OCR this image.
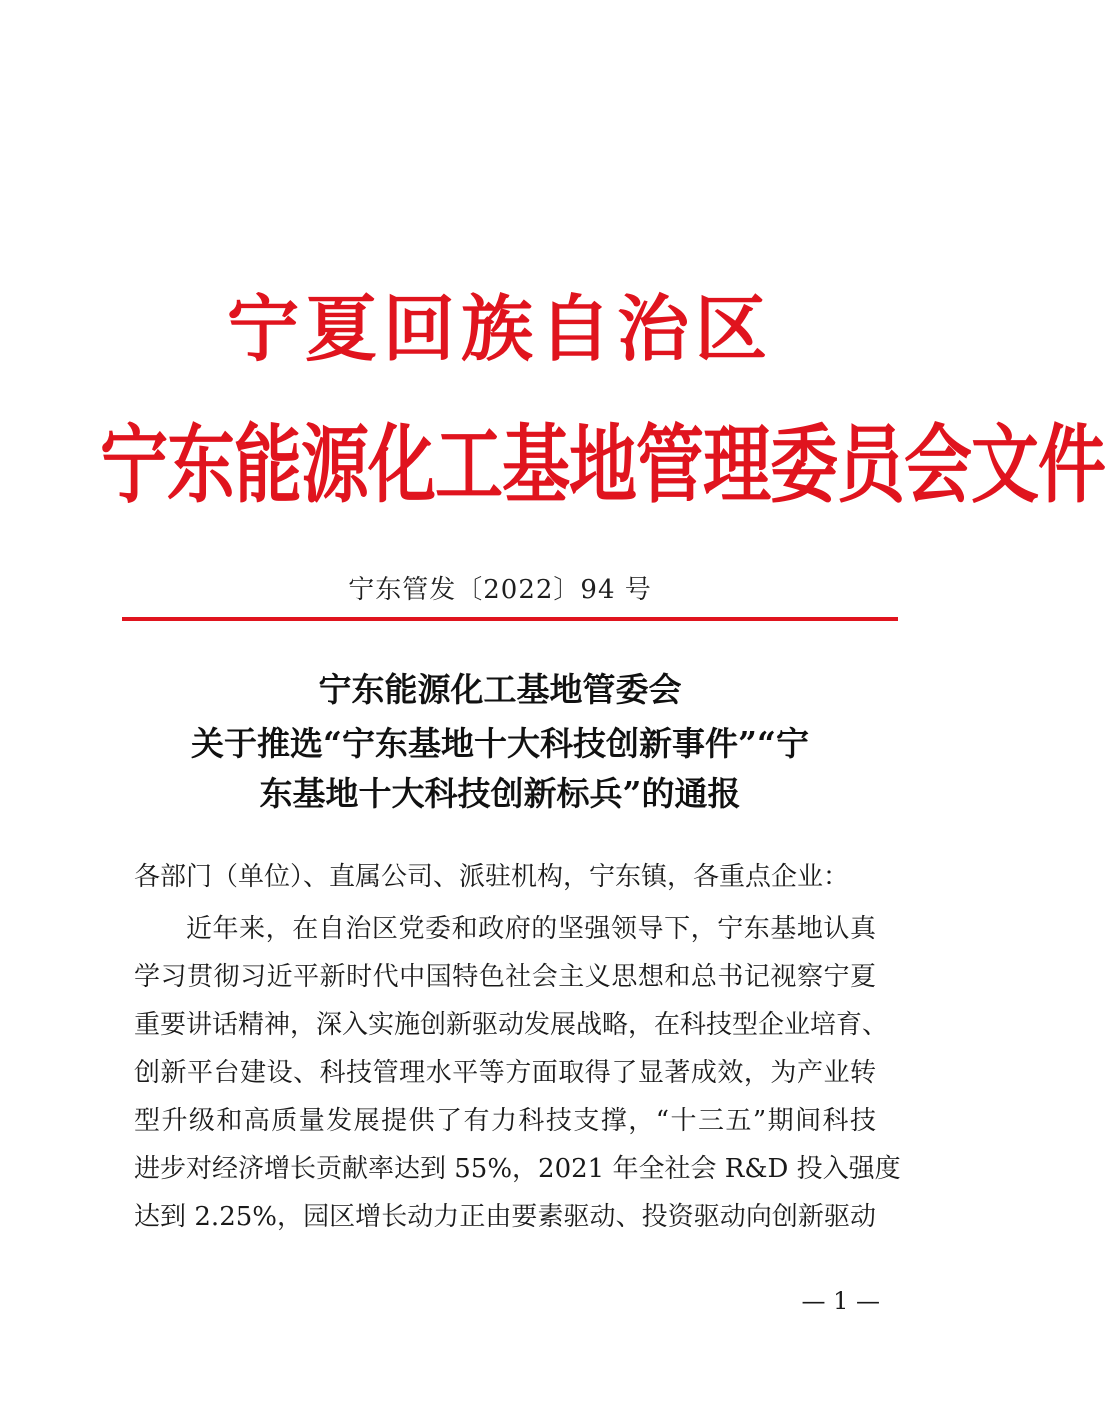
宁夏回族自治区
宁东能源化工基地管理委员会文件
宁东管发〔2022〕94 号
宁东能源化工基地管委会
关于推选“宁东基地十大科技创新事件”“宁
东基地十大科技创新标兵”的通报
各部门（单位）、直属公司、派驻机构，宁东镇，各重点企业：
近年来，在自治区党委和政府的坚强领导下，宁东基地认真
学习贯彻习近平新时代中国特色社会主义思想和总书记视察宁夏
重要讲话精神，深入实施创新驱动发展战略，在科技型企业培育、
创新平台建设、科技管理水平等方面取得了显著成效，为产业转
型升级和高质量发展提供了有力科技支撑，“十三五”期间科技
进步对经济增长贡献率达到 55%，2021 年全社会 R&D 投入强度
达到 2.25%，园区增长动力正由要素驱动、投资驱动向创新驱动
— 1 —
